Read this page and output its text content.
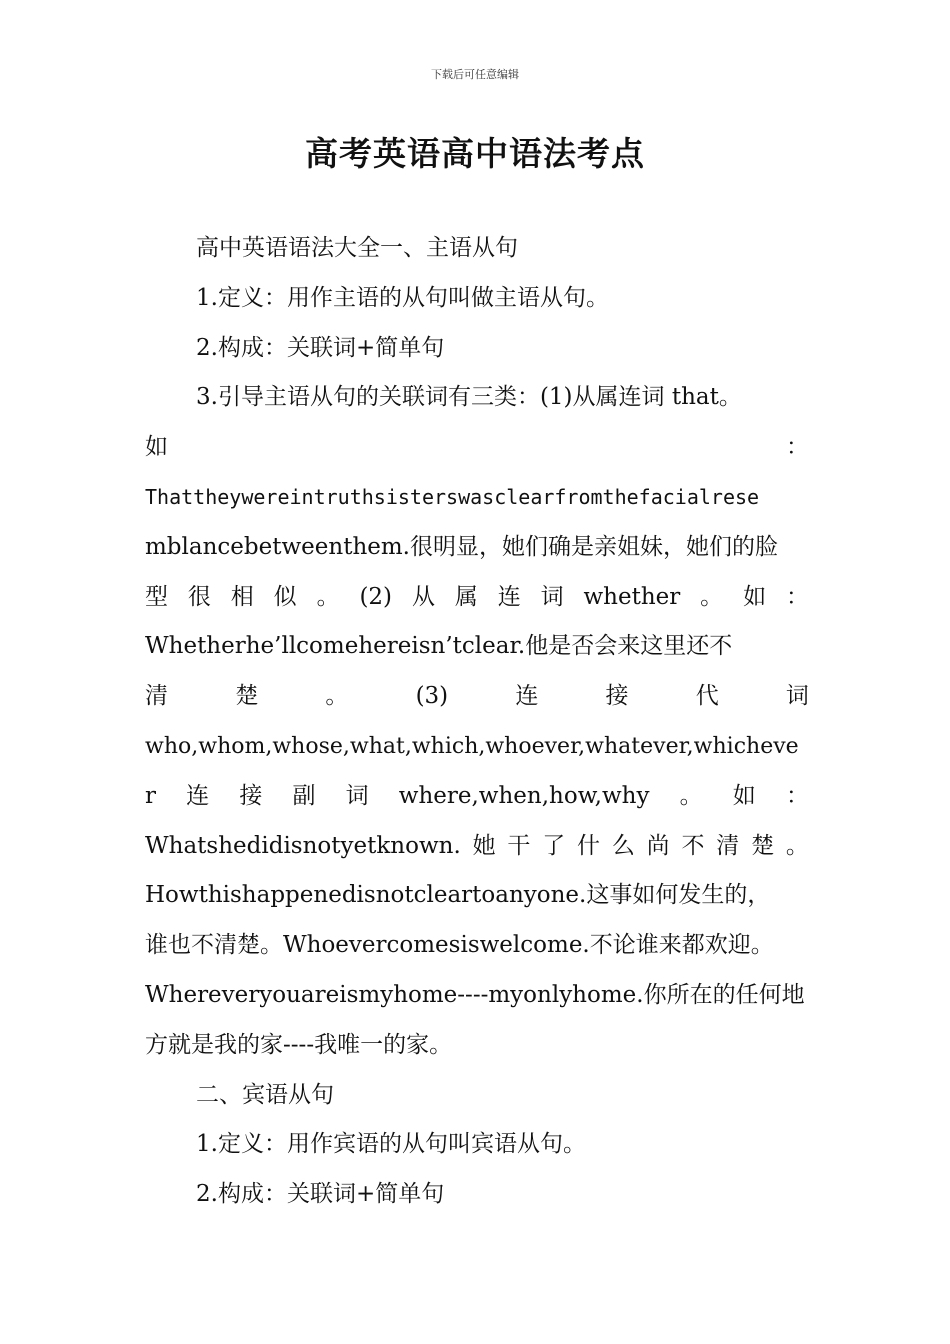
下载后可任意编辑
高考英语高中语法考点
高中英语语法大全一、主语从句
1.定义：用作主语的从句叫做主语从句。
2.构成：关联词+简单句
3.引导主语从句的关联词有三类：(1)从属连词 that。
如	：
Thattheywereintruthsisterswasclearfromthefacialrese
mblancebetweenthem.很明显，她们确是亲姐妹，她们的脸
型 很 相 似 。 (2) 从 属 连 词 whether 。 如 ：
Whetherhe’llcomehereisn’tclear.他是否会来这里还不
清	楚	。	(3)	连	接	代	词
who,whom,whose,what,which,whoever,whatever,whicheve
r 连 接 副 词 where,when,how,why 。 如 ：
Whatshedidisnotyetknown. 她 干 了 什 么 尚 不 清 楚 。
Howthishappenedisnotcleartoanyone.这事如何发生的，
谁也不清楚。Whoevercomesiswelcome.不论谁来都欢迎。
Whereveryouareismyhome----myonlyhome.你所在的任何地
方就是我的家----我唯一的家。
二、宾语从句
1.定义：用作宾语的从句叫宾语从句。
2.构成：关联词+简单句
